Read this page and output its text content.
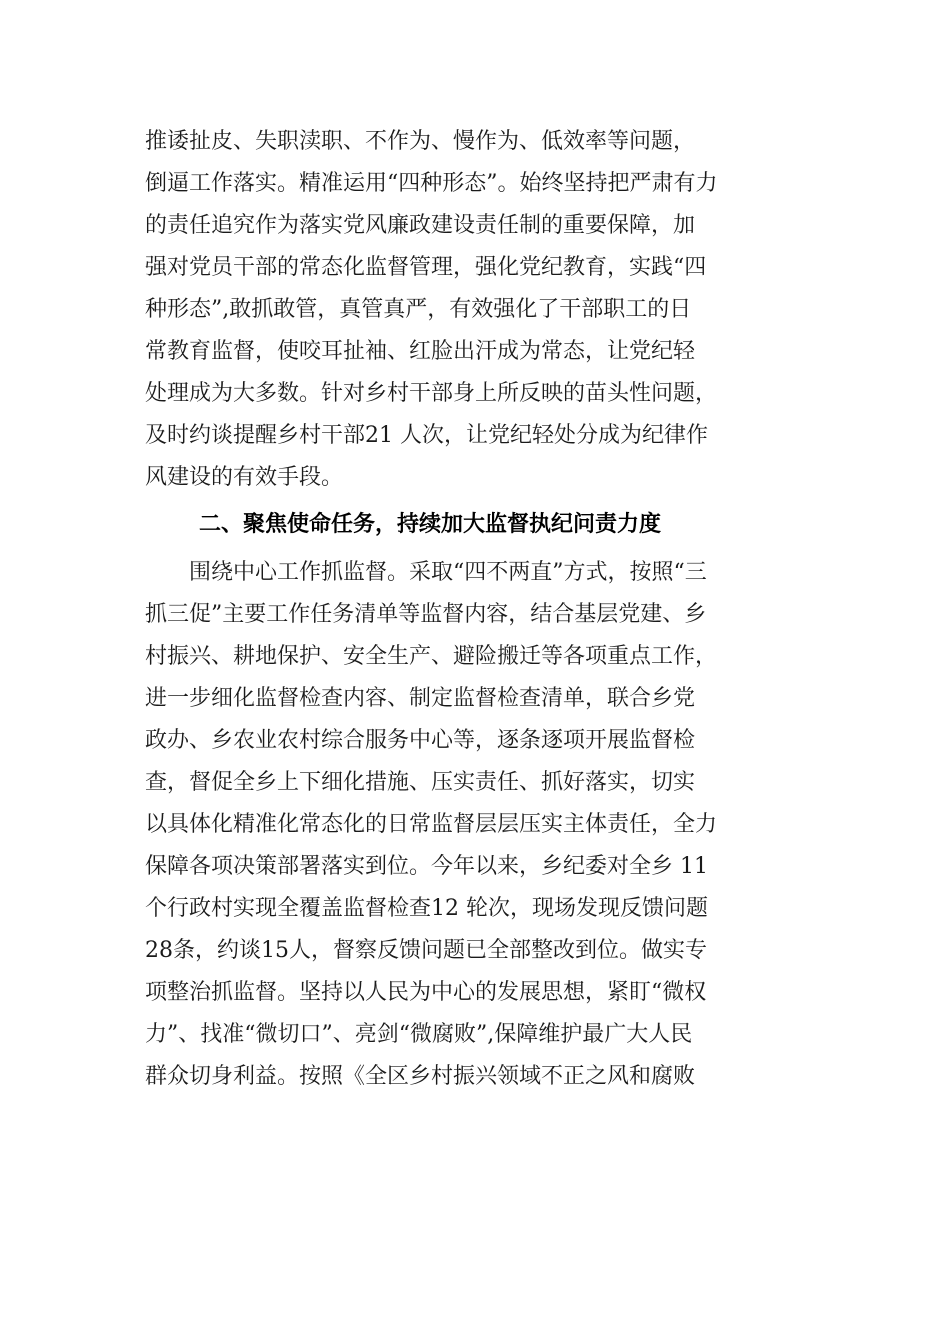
推诿扯皮、失职渎职、不作为、慢作为、低效率等问题，
倒逼工作落实。精准运用“四种形态”。始终坚持把严肃有力
的责任追究作为落实党风廉政建设责任制的重要保障，加
强对党员干部的常态化监督管理，强化党纪教育，实践“四
种形态”,敢抓敢管，真管真严，有效强化了干部职工的日
常教育监督，使咬耳扯袖、红脸出汗成为常态，让党纪轻
处理成为大多数。针对乡村干部身上所反映的苗头性问题，
及时约谈提醒乡村干部21 人次，让党纪轻处分成为纪律作
风建设的有效手段。
二、聚焦使命任务，持续加大监督执纪问责力度
围绕中心工作抓监督。采取“四不两直”方式，按照“三
抓三促”主要工作任务清单等监督内容，结合基层党建、乡
村振兴、耕地保护、安全生产、避险搬迁等各项重点工作，
进一步细化监督检查内容、制定监督检查清单，联合乡党
政办、乡农业农村综合服务中心等，逐条逐项开展监督检
查，督促全乡上下细化措施、压实责任、抓好落实，切实
以具体化精准化常态化的日常监督层层压实主体责任，全力
保障各项决策部署落实到位。今年以来，乡纪委对全乡 11
个行政村实现全覆盖监督检查12 轮次，现场发现反馈问题
28条，约谈15人，督察反馈问题已全部整改到位。做实专
项整治抓监督。坚持以人民为中心的发展思想，紧盯“微权
力”、找准“微切口”、亮剑“微腐败”,保障维护最广大人民
群众切身利益。按照《全区乡村振兴领域不正之风和腐败
